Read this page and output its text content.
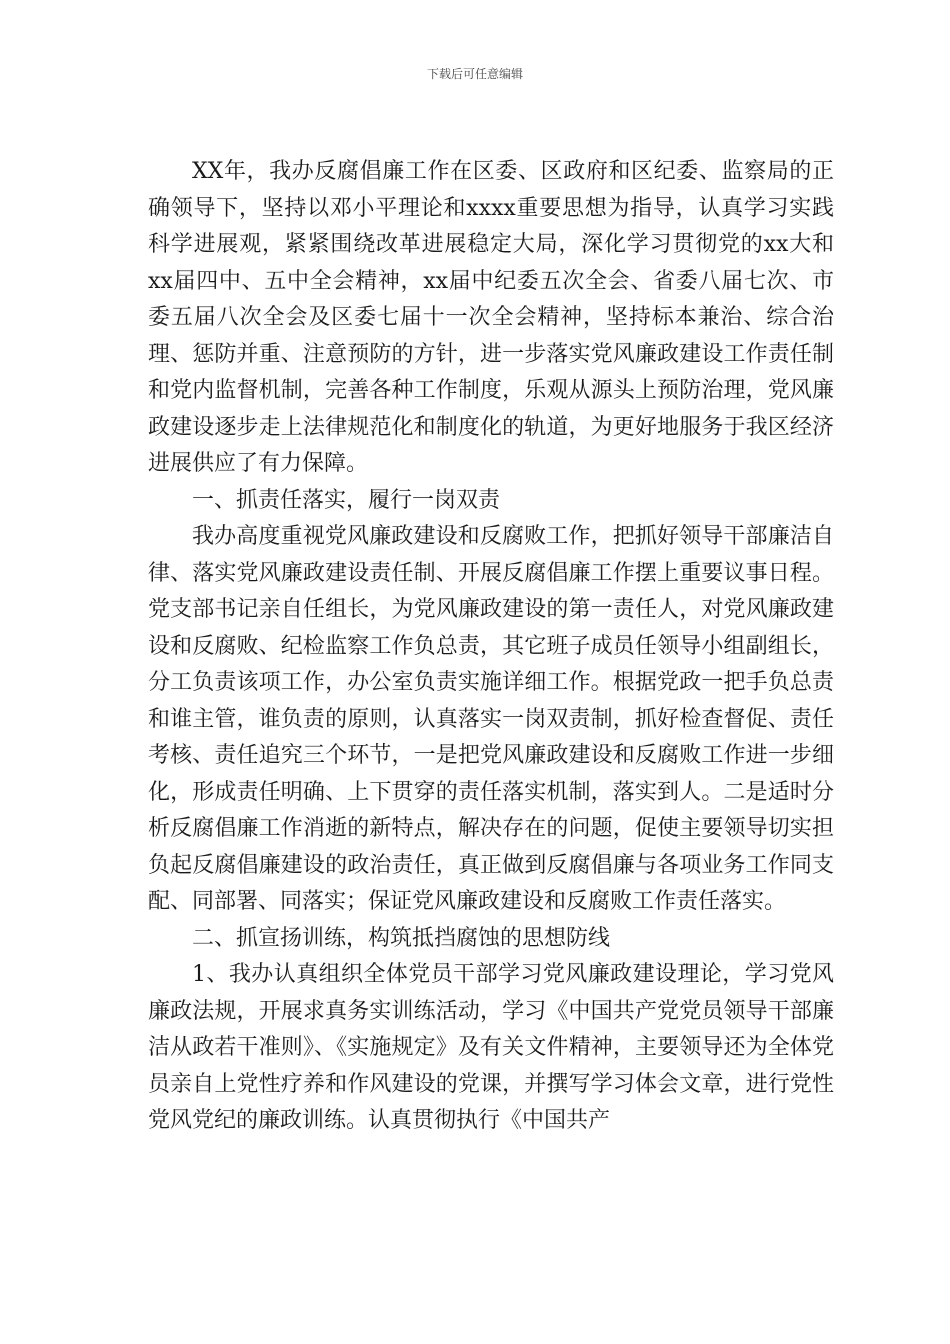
下载后可任意编辑

XX年，我办反腐倡廉工作在区委、区政府和区纪委、监察局的正确领导下，坚持以邓小平理论和xxxx重要思想为指导，认真学习实践科学进展观，紧紧围绕改革进展稳定大局，深化学习贯彻党的xx大和xx届四中、五中全会精神，xx届中纪委五次全会、省委八届七次、市委五届八次全会及区委七届十一次全会精神，坚持标本兼治、综合治理、惩防并重、注意预防的方针，进一步落实党风廉政建设工作责任制和党内监督机制，完善各种工作制度，乐观从源头上预防治理，党风廉政建设逐步走上法律规范化和制度化的轨道，为更好地服务于我区经济进展供应了有力保障。

一、抓责任落实，履行一岗双责

我办高度重视党风廉政建设和反腐败工作，把抓好领导干部廉洁自律、落实党风廉政建设责任制、开展反腐倡廉工作摆上重要议事日程。党支部书记亲自任组长，为党风廉政建设的第一责任人，对党风廉政建设和反腐败、纪检监察工作负总责，其它班子成员任领导小组副组长，分工负责该项工作，办公室负责实施详细工作。根据党政一把手负总责和谁主管，谁负责的原则，认真落实一岗双责制，抓好检查督促、责任考核、责任追究三个环节，一是把党风廉政建设和反腐败工作进一步细化，形成责任明确、上下贯穿的责任落实机制，落实到人。二是适时分析反腐倡廉工作消逝的新特点，解决存在的问题，促使主要领导切实担负起反腐倡廉建设的政治责任，真正做到反腐倡廉与各项业务工作同支配、同部署、同落实；保证党风廉政建设和反腐败工作责任落实。

二、抓宣扬训练，构筑抵挡腐蚀的思想防线

1、我办认真组织全体党员干部学习党风廉政建设理论，学习党风廉政法规，开展求真务实训练活动，学习《中国共产党党员领导干部廉洁从政若干准则》、《实施规定》及有关文件精神，主要领导还为全体党员亲自上党性疗养和作风建设的党课，并撰写学习体会文章，进行党性党风党纪的廉政训练。认真贯彻执行《中国共产
